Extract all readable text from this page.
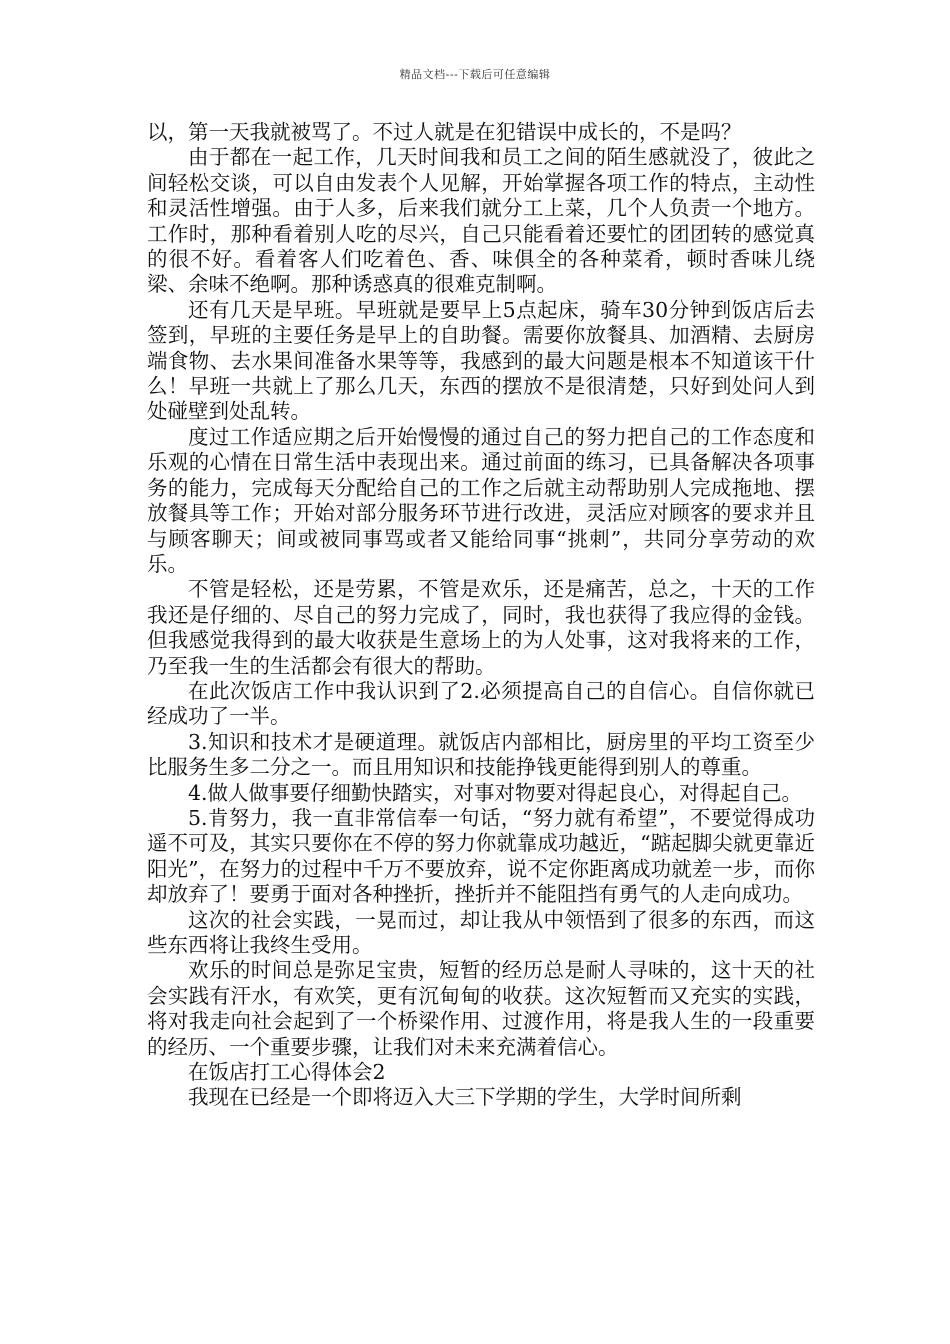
精品文档---下载后可任意编辑

以，第一天我就被骂了。不过人就是在犯错误中成长的，不是吗？

由于都在一起工作，几天时间我和员工之间的陌生感就没了，彼此之间轻松交谈，可以自由发表个人见解，开始掌握各项工作的特点，主动性和灵活性增强。由于人多，后来我们就分工上菜，几个人负责一个地方。工作时，那种看着别人吃的尽兴，自己只能看着还要忙的团团转的感觉真的很不好。看着客人们吃着色、香、味俱全的各种菜肴，顿时香味儿绕梁、余味不绝啊。那种诱惑真的很难克制啊。

还有几天是早班。早班就是要早上5点起床，骑车30分钟到饭店后去签到，早班的主要任务是早上的自助餐。需要你放餐具、加酒精、去厨房端食物、去水果间准备水果等等，我感到的最大问题是根本不知道该干什么！早班一共就上了那么几天，东西的摆放不是很清楚，只好到处问人到处碰壁到处乱转。

度过工作适应期之后开始慢慢的通过自己的努力把自己的工作态度和乐观的心情在日常生活中表现出来。通过前面的练习，已具备解决各项事务的能力，完成每天分配给自己的工作之后就主动帮助别人完成拖地、摆放餐具等工作；开始对部分服务环节进行改进，灵活应对顾客的要求并且与顾客聊天；间或被同事骂或者又能给同事“挑刺”，共同分享劳动的欢乐。

不管是轻松，还是劳累，不管是欢乐，还是痛苦，总之，十天的工作我还是仔细的、尽自己的努力完成了，同时，我也获得了我应得的金钱。但我感觉我得到的最大收获是生意场上的为人处事，这对我将来的工作，乃至我一生的生活都会有很大的帮助。

在此次饭店工作中我认识到了2.必须提高自己的自信心。自信你就已经成功了一半。

3.知识和技术才是硬道理。就饭店内部相比，厨房里的平均工资至少比服务生多二分之一。而且用知识和技能挣钱更能得到别人的尊重。

4.做人做事要仔细勤快踏实，对事对物要对得起良心，对得起自己。

5.肯努力，我一直非常信奉一句话，“努力就有希望”，不要觉得成功遥不可及，其实只要你在不停的努力你就靠成功越近，“踮起脚尖就更靠近阳光”，在努力的过程中千万不要放弃，说不定你距离成功就差一步，而你却放弃了！要勇于面对各种挫折，挫折并不能阻挡有勇气的人走向成功。

这次的社会实践，一晃而过，却让我从中领悟到了很多的东西，而这些东西将让我终生受用。

欢乐的时间总是弥足宝贵，短暂的经历总是耐人寻味的，这十天的社会实践有汗水，有欢笑，更有沉甸甸的收获。这次短暂而又充实的实践，将对我走向社会起到了一个桥梁作用、过渡作用，将是我人生的一段重要的经历、一个重要步骤，让我们对未来充满着信心。

在饭店打工心得体会2

我现在已经是一个即将迈入大三下学期的学生，大学时间所剩
